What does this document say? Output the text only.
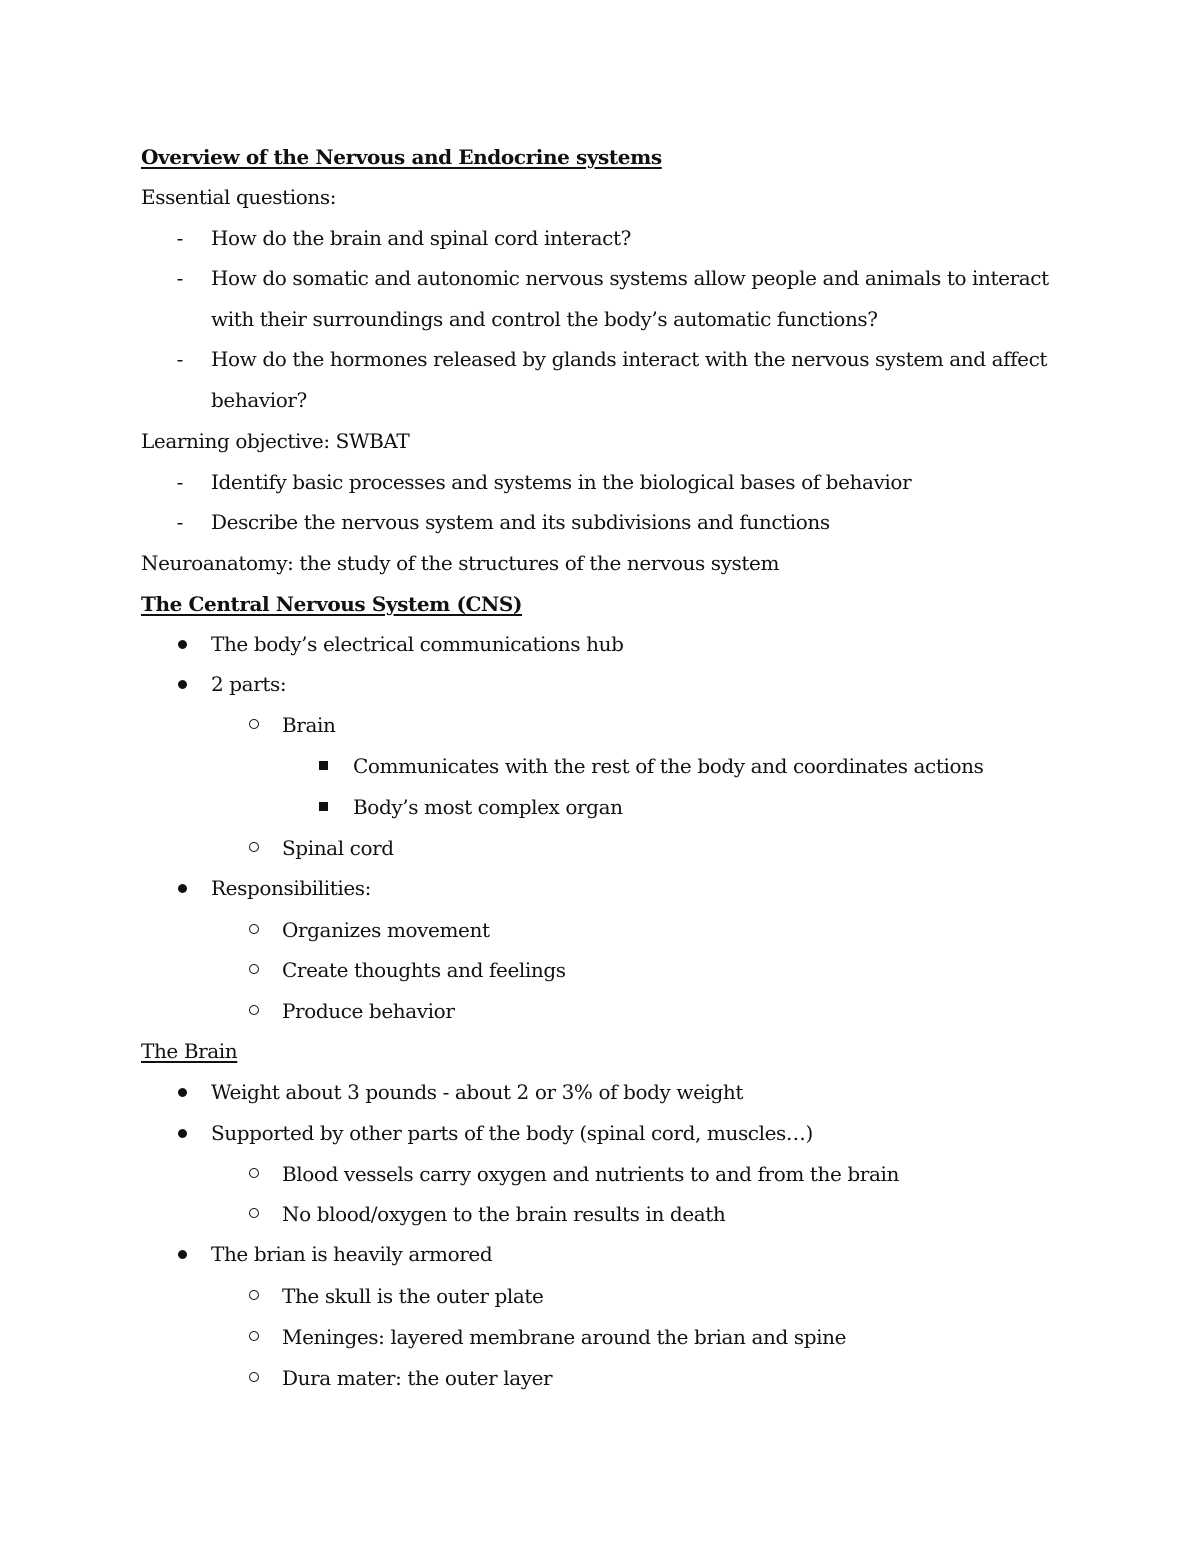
Overview of the Nervous and Endocrine systems
Essential questions:
-	How do the brain and spinal cord interact?
-	How do somatic and autonomic nervous systems allow people and animals to interact
with their surroundings and control the body’s automatic functions?
-	How do the hormones released by glands interact with the nervous system and affect
behavior?
Learning objective: SWBAT
-	Identify basic processes and systems in the biological bases of behavior
-	Describe the nervous system and its subdivisions and functions
Neuroanatomy: the study of the structures of the nervous system
The Central Nervous System (CNS)
The body’s electrical communications hub
2 parts:
Brain
Communicates with the rest of the body and coordinates actions
Body’s most complex organ
Spinal cord
Responsibilities:
Organizes movement
Create thoughts and feelings
Produce behavior
The Brain
Weight about 3 pounds - about 2 or 3% of body weight
Supported by other parts of the body (spinal cord, muscles…)
Blood vessels carry oxygen and nutrients to and from the brain
No blood/oxygen to the brain results in death
The brian is heavily armored
The skull is the outer plate
Meninges: layered membrane around the brian and spine
Dura mater: the outer layer
